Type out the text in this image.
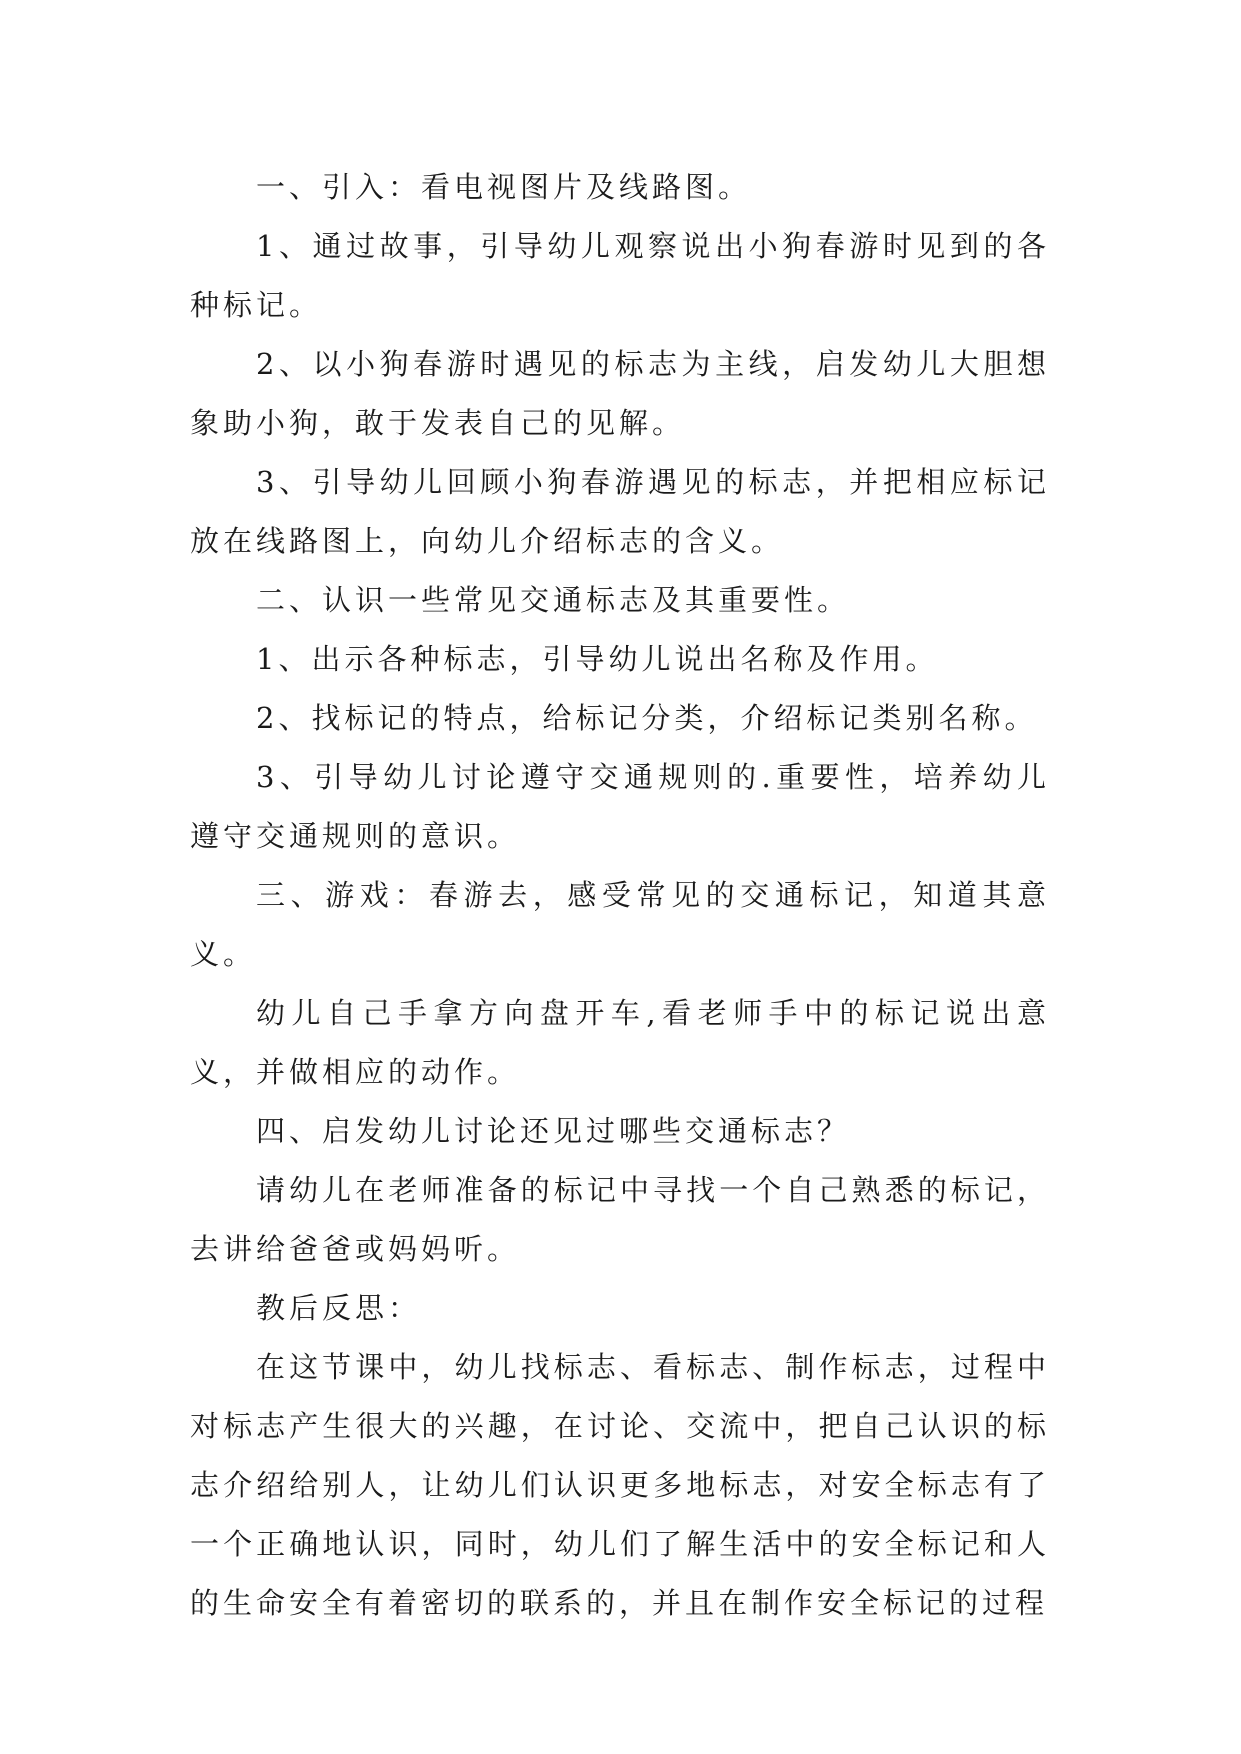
一、引入：看电视图片及线路图。

1、通过故事，引导幼儿观察说出小狗春游时见到的各种标记。

2、以小狗春游时遇见的标志为主线，启发幼儿大胆想象助小狗，敢于发表自己的见解。

3、引导幼儿回顾小狗春游遇见的标志，并把相应标记放在线路图上，向幼儿介绍标志的含义。

二、认识一些常见交通标志及其重要性。

1、出示各种标志，引导幼儿说出名称及作用。

2、找标记的特点，给标记分类，介绍标记类别名称。

3、引导幼儿讨论遵守交通规则的.重要性，培养幼儿遵守交通规则的意识。

三、游戏：春游去，感受常见的交通标记，知道其意义。

幼儿自己手拿方向盘开车,看老师手中的标记说出意义，并做相应的动作。

四、启发幼儿讨论还见过哪些交通标志？

请幼儿在老师准备的标记中寻找一个自己熟悉的标记，去讲给爸爸或妈妈听。

教后反思：

在这节课中，幼儿找标志、看标志、制作标志，过程中对标志产生很大的兴趣，在讨论、交流中，把自己认识的标志介绍给别人，让幼儿们认识更多地标志，对安全标志有了一个正确地认识，同时，幼儿们了解生活中的安全标记和人的生命安全有着密切的联系的，并且在制作安全标记的过程
